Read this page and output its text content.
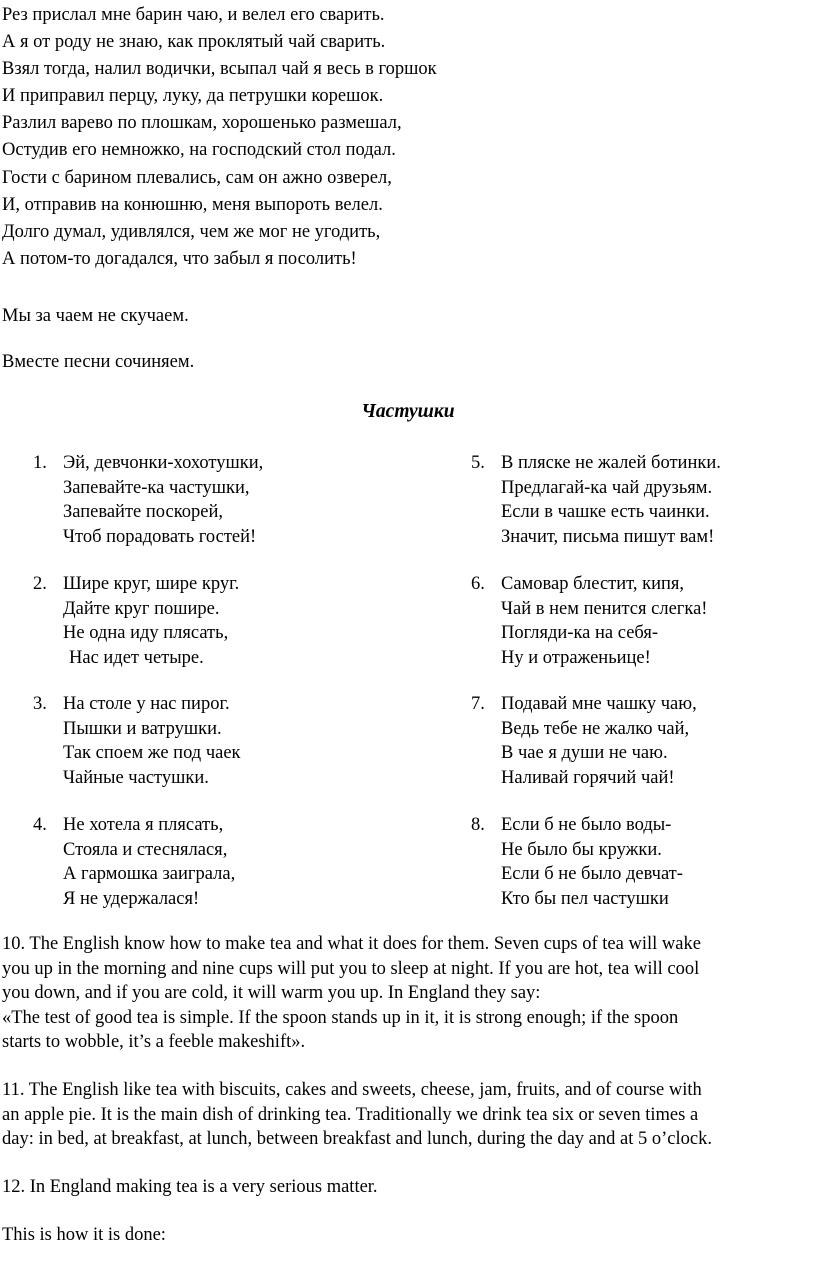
Рез прислал мне барин чаю, и велел его сварить.
А я от роду не знаю, как проклятый чай сварить.
Взял тогда, налил водички, всыпал чай я весь в горшок
И приправил перцу, луку, да петрушки корешок.
Разлил варево по плошкам, хорошенько размешал,
Остудив его немножко, на господский стол подал.
Гости с барином плевались, сам он ажно озверел,
И, отправив на конюшню, меня выпороть велел.
Долго думал, удивлялся, чем же мог не угодить,
А потом-то догадался, что забыл я посолить!

Мы за чаем не скучаем.

Вместе песни сочиняем.

Частушки
1. Эй, девчонки-хохотушки,
Запевайте-ка частушки,
Запевайте поскорей,
Чтоб порадовать гостей!
2. Шире круг, шире круг.
Дайте круг пошире.
Не одна иду плясать,
Нас идет четыре.
3. На столе у нас пирог.
Пышки и ватрушки.
Так споем же под чаек
Чайные частушки.
4. Не хотела я плясать,
Стояла и стеснялася,
А гармошка заиграла,
Я не удержалася!
5. В пляске не жалей ботинки.
Предлагай-ка чай друзьям.
Если в чашке есть чаинки.
Значит, письма пишут вам!
6. Самовар блестит, кипя,
Чай в нем пенится слегка!
Погляди-ка на себя-
Ну и отраженьице!
7. Подавай мне чашку чаю,
Ведь тебе не жалко чай,
В чае я души не чаю.
Наливай горячий чай!
8. Если б не было воды-
Не было бы кружки.
Если б не было девчат-
Кто бы пел частушки
10. The English know how to make tea and what it does for them. Seven cups of tea will wake
you up in the morning and nine cups will put you to sleep at night. If you are hot, tea will cool
you down, and if you are cold, it will warm you up. In England they say:
«The test of good tea is simple. If the spoon stands up in it, it is strong enough; if the spoon
starts to wobble, it’s a feeble makeshift».
11. The English like tea with biscuits, cakes and sweets, cheese, jam, fruits, and of course with
an apple pie. It is the main dish of drinking tea. Traditionally we drink tea six or seven times a
day: in bed, at breakfast, at lunch, between breakfast and lunch, during the day and at 5 o’clock.
12. In England making tea is a very serious matter.
This is how it is done:
